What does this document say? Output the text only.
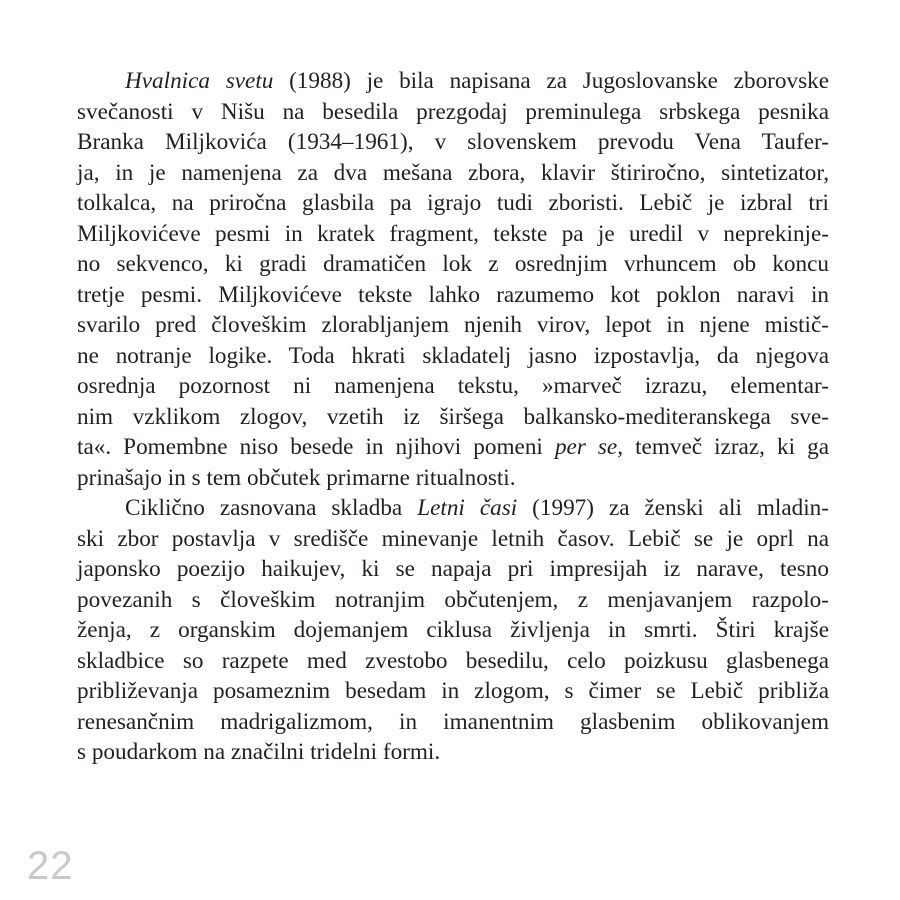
Hvalnica svetu (1988) je bila napisana za Jugoslovanske zborovske
svečanosti v Nišu na besedila prezgodaj preminulega srbskega pesnika
Branka Miljkovića (1934–1961), v slovenskem prevodu Vena Taufer-
ja, in je namenjena za dva mešana zbora, klavir štiriročno, sintetizator,
tolkalca, na priročna glasbila pa igrajo tudi zboristi. Lebič je izbral tri
Miljkovićeve pesmi in kratek fragment, tekste pa je uredil v neprekinje-
no sekvenco, ki gradi dramatičen lok z osrednjim vrhuncem ob koncu
tretje pesmi. Miljkovićeve tekste lahko razumemo kot poklon naravi in
svarilo pred človeškim zlorabljanjem njenih virov, lepot in njene mistič-
ne notranje logike. Toda hkrati skladatelj jasno izpostavlja, da njegova
osrednja pozornost ni namenjena tekstu, »marveč izrazu, elementar-
nim vzklikom zlogov, vzetih iz širšega balkansko-mediteranskega sve-
ta«. Pomembne niso besede in njihovi pomeni per se, temveč izraz, ki ga
prinašajo in s tem občutek primarne ritualnosti.
Ciklično zasnovana skladba Letni časi (1997) za ženski ali mladin-
ski zbor postavlja v središče minevanje letnih časov. Lebič se je oprl na
japonsko poezijo haikujev, ki se napaja pri impresijah iz narave, tesno
povezanih s človeškim notranjim občutenjem, z menjavanjem razpolo-
ženja, z organskim dojemanjem ciklusa življenja in smrti. Štiri krajše
skladbice so razpete med zvestobo besedilu, celo poizkusu glasbenega
približevanja posameznim besedam in zlogom, s čimer se Lebič približa
renesančnim madrigalizmom, in imanentnim glasbenim oblikovanjem
s poudarkom na značilni tridelni formi.
22
